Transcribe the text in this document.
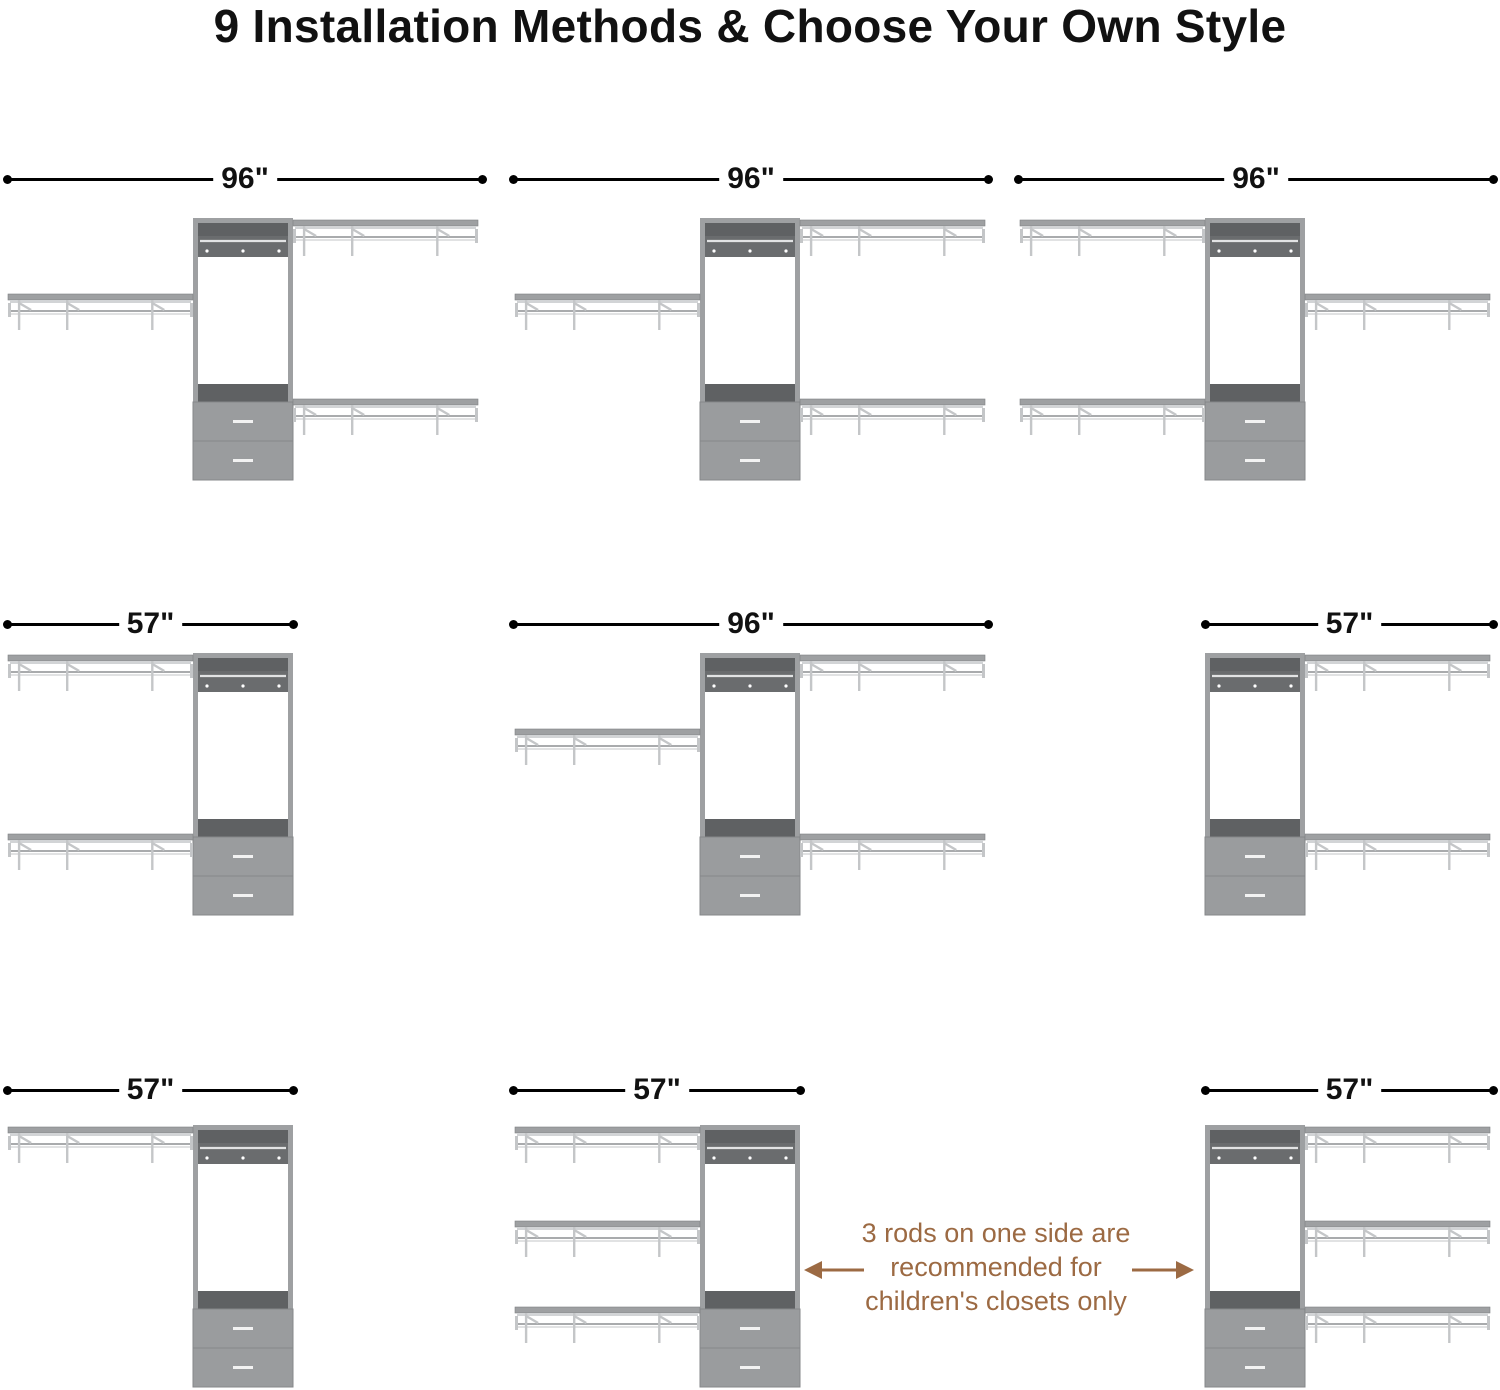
9 Installation Methods & Choose Your Own Style
96"	96"	96"
57"	96"	57"
57"	57"	57"
3 rods on one side are
recommended for
children's closets only
